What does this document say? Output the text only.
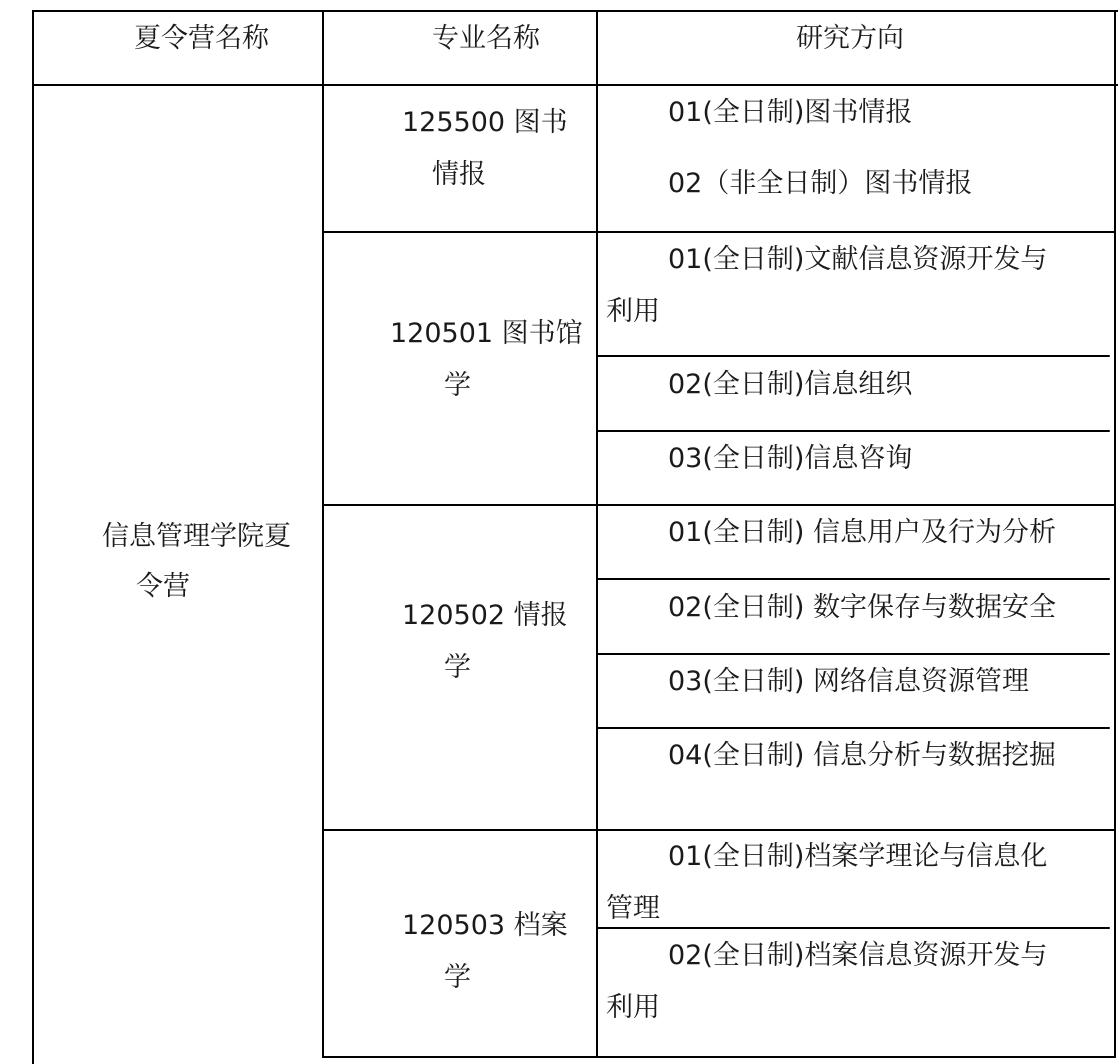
夏令营名称	专业名称	研究方向
信息管理学院夏
令营
125500 图书
情报
120501 图书馆
学
120502 情报
学
120503 档案
学
01(全日制)图书情报
02（非全日制）图书情报
01(全日制)文献信息资源开发与
利用
02(全日制)信息组织
03(全日制)信息咨询
01(全日制) 信息用户及行为分析
02(全日制) 数字保存与数据安全
03(全日制) 网络信息资源管理
04(全日制) 信息分析与数据挖掘
01(全日制)档案学理论与信息化
管理
02(全日制)档案信息资源开发与
利用
